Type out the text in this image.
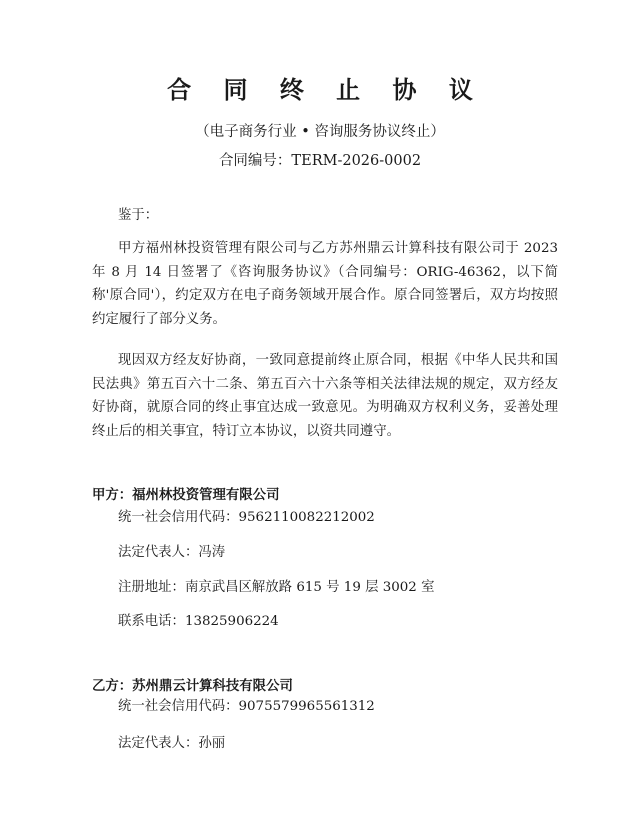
合 同 终 止 协 议
（电子商务行业 • 咨询服务协议终止）
合同编号：TERM-2026-0002
鉴于：
甲方福州林投资管理有限公司与乙方苏州鼎云计算科技有限公司于 2023 年 8 月 14 日签署了《咨询服务协议》（合同编号：ORIG-46362，以下简称'原合同'），约定双方在电子商务领域开展合作。原合同签署后，双方均按照约定履行了部分义务。
现因双方经友好协商，一致同意提前终止原合同，根据《中华人民共和国民法典》第五百六十二条、第五百六十六条等相关法律法规的规定，双方经友好协商，就原合同的终止事宜达成一致意见。为明确双方权利义务，妥善处理终止后的相关事宜，特订立本协议，以资共同遵守。
甲方：福州林投资管理有限公司
统一社会信用代码：9562110082212002
法定代表人：冯涛
注册地址：南京武昌区解放路 615 号 19 层 3002 室
联系电话：13825906224
乙方：苏州鼎云计算科技有限公司
统一社会信用代码：9075579965561312
法定代表人：孙丽
